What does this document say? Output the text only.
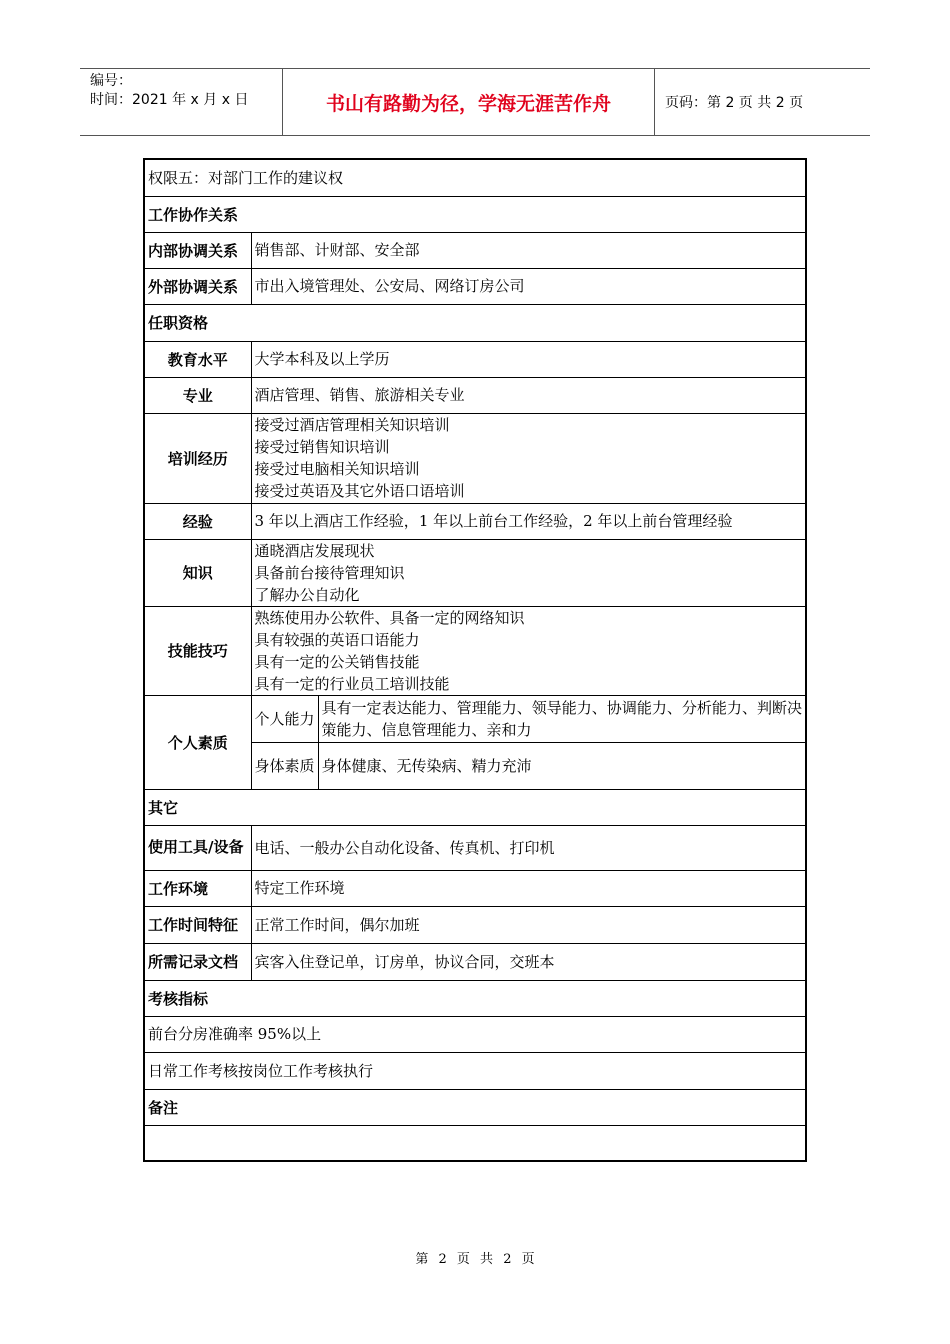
编号：
时间：2021 年 x 月 x 日	书山有路勤为径，学海无涯苦作舟	页码：第 2 页 共 2 页
权限五：对部门工作的建议权		
工作协作关系		
内部协调关系	销售部、计财部、安全部	
外部协调关系	市出入境管理处、公安局、网络订房公司	
任职资格		
教育水平	大学本科及以上学历	
专业	酒店管理、销售、旅游相关专业	
培训经历	接受过酒店管理相关知识培训
接受过销售知识培训
接受过电脑相关知识培训
接受过英语及其它外语口语培训	

经验	3 年以上酒店工作经验，1 年以上前台工作经验，2 年以上前台管理经验	
知识	通晓酒店发展现状
具备前台接待管理知识
了解办公自动化	

技能技巧	熟练使用办公软件、具备一定的网络知识
具有较强的英语口语能力
具有一定的公关销售技能
具有一定的行业员工培训技能	

个人素质	个人能力	具有一定表达能力、管理能力、领导能力、协调能力、分析能力、判断决策能力、信息管理能力、亲和力
	身体素质	身体健康、无传染病、精力充沛
其它		
使用工具/设备	电话、一般办公自动化设备、传真机、打印机	
工作环境	特定工作环境	
工作时间特征	正常工作时间，偶尔加班	
所需记录文档	宾客入住登记单，订房单，协议合同，交班本	
考核指标		
前台分房准确率 95%以上		
日常工作考核按岗位工作考核执行		
备注		

第 2 页 共 2 页
